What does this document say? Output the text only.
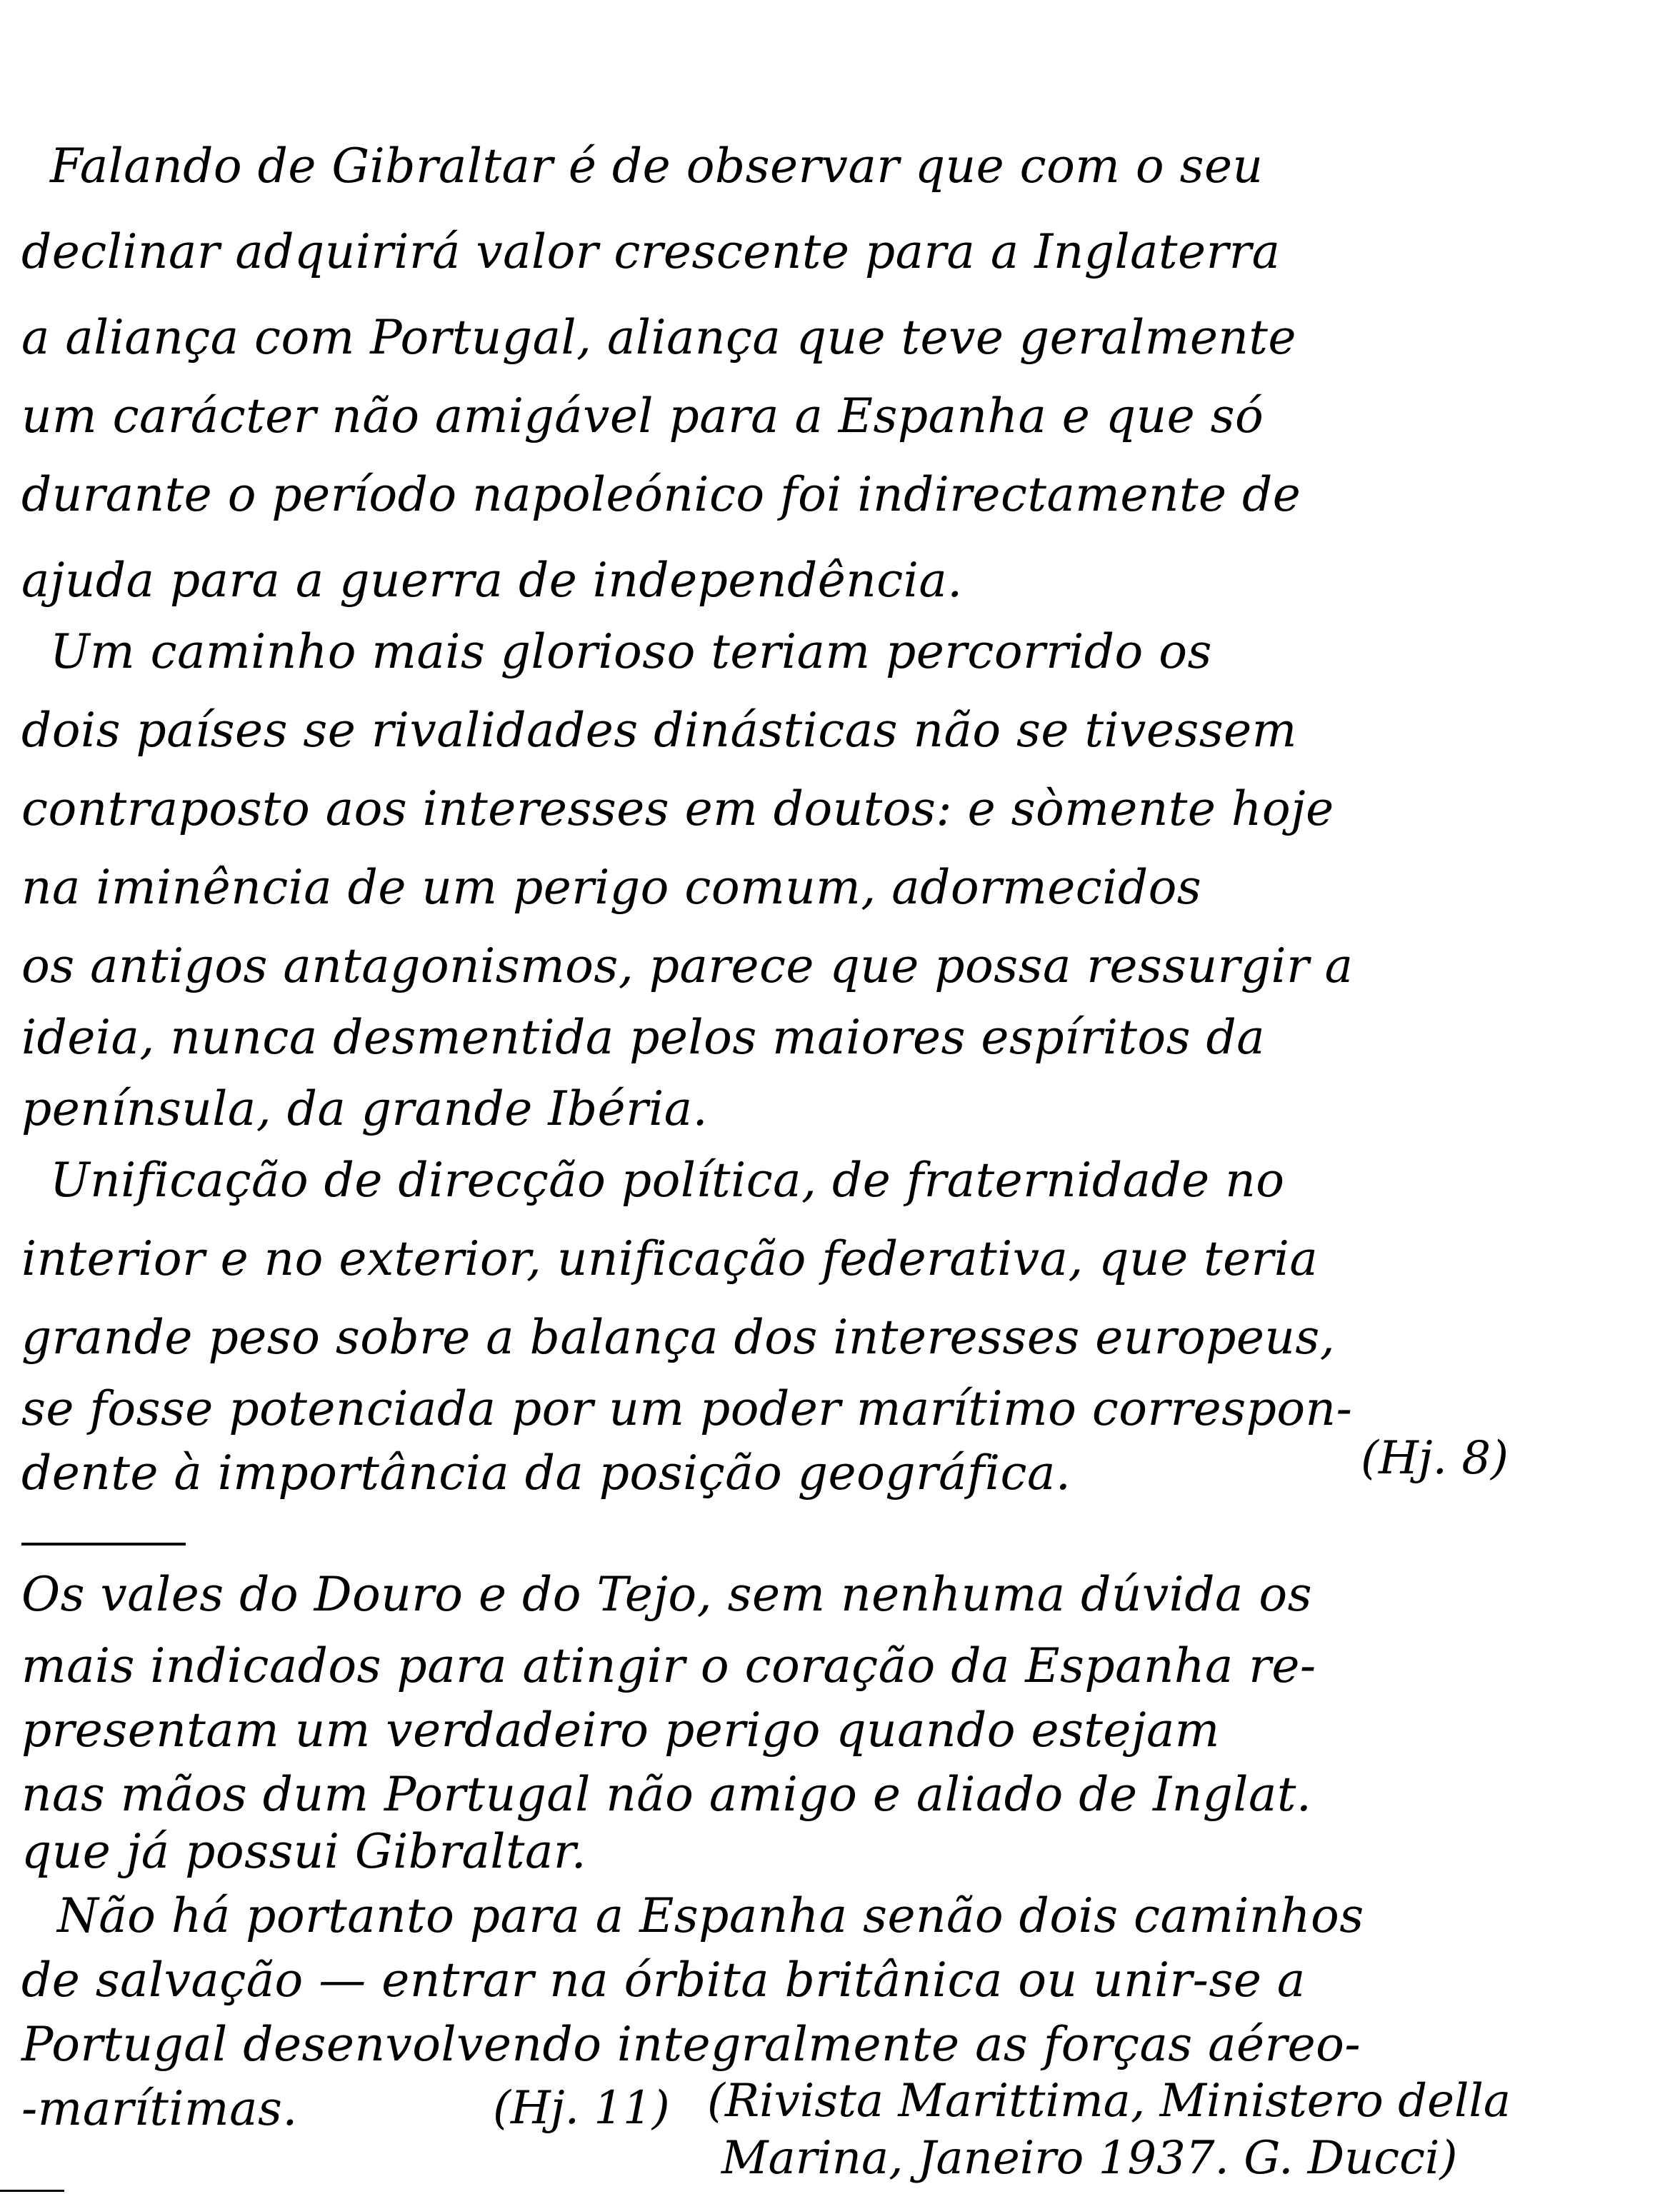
Falando de Gibraltar é de observar que com o seu
declinar adquirirá valor crescente para a Inglaterra
a aliança com Portugal, aliança que teve geralmente
um carácter não amigável para a Espanha e que só
durante o período napoleónico foi indirectamente de
ajuda para a guerra de independência.
Um caminho mais glorioso teriam percorrido os
dois países se rivalidades dinásticas não se tivessem
contraposto aos interesses em doutos: e sòmente hoje
na iminência de um perigo comum, adormecidos
os antigos antagonismos, parece que possa ressurgir a
ideia, nunca desmentida pelos maiores espíritos da
península, da grande Ibéria.
Unificação de direcção política, de fraternidade no
interior e no exterior, unificação federativa, que teria
grande peso sobre a balança dos interesses europeus,
se fosse potenciada por um poder marítimo correspon-
dente à importância da posição geográfica.	(Hj. 8)
Os vales do Douro e do Tejo, sem nenhuma dúvida os
mais indicados para atingir o coração da Espanha re-
presentam um verdadeiro perigo quando estejam
nas mãos dum Portugal não amigo e aliado de Inglat.
que já possui Gibraltar.
Não há portanto para a Espanha senão dois caminhos
de salvação — entrar na órbita britânica ou unir-se a
Portugal desenvolvendo integralmente as forças aéreo-
-marítimas.	(Hj. 11) (Rivista Marittima, Ministero della
Marina, Janeiro 1937. G. Ducci)
